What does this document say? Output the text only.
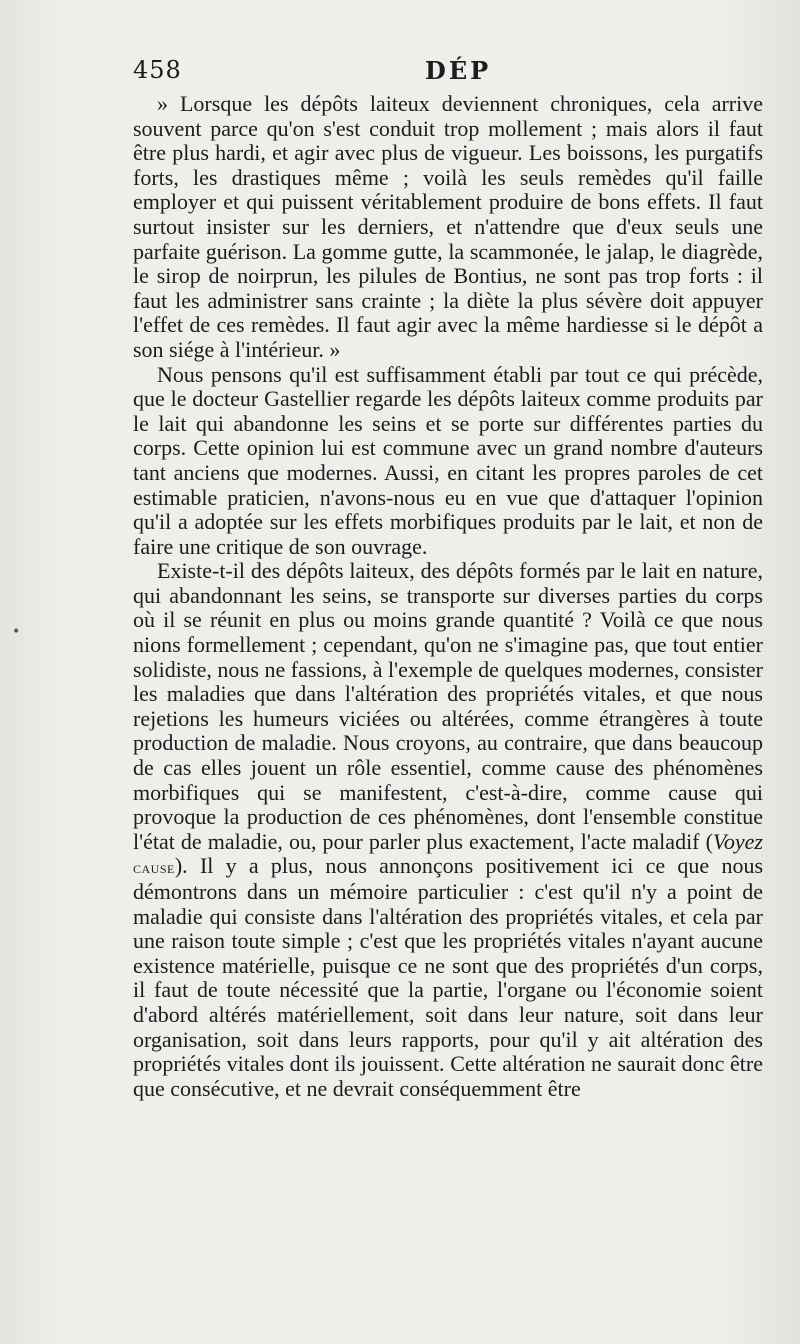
458	DÉP
•

» Lorsque les dépôts laiteux deviennent chroniques, cela arrive souvent parce qu'on s'est conduit trop mollement ; mais alors il faut être plus hardi, et agir avec plus de vigueur. Les boissons, les purgatifs forts, les drastiques même ; voilà les seuls remèdes qu'il faille employer et qui puissent véritablement produire de bons effets. Il faut surtout insister sur les derniers, et n'attendre que d'eux seuls une parfaite guérison. La gomme gutte, la scammonée, le jalap, le diagrède, le sirop de noirprun, les pilules de Bontius, ne sont pas trop forts : il faut les administrer sans crainte ; la diète la plus sévère doit appuyer l'effet de ces remèdes. Il faut agir avec la même hardiesse si le dépôt a son siége à l'intérieur. »

Nous pensons qu'il est suffisamment établi par tout ce qui précède, que le docteur Gastellier regarde les dépôts laiteux comme produits par le lait qui abandonne les seins et se porte sur différentes parties du corps. Cette opinion lui est commune avec un grand nombre d'auteurs tant anciens que modernes. Aussi, en citant les propres paroles de cet estimable praticien, n'avons-nous eu en vue que d'attaquer l'opinion qu'il a adoptée sur les effets morbifiques produits par le lait, et non de faire une critique de son ouvrage.

Existe-t-il des dépôts laiteux, des dépôts formés par le lait en nature, qui abandonnant les seins, se transporte sur diverses parties du corps où il se réunit en plus ou moins grande quantité ? Voilà ce que nous nions formellement ; cependant, qu'on ne s'imagine pas, que tout entier solidiste, nous ne fassions, à l'exemple de quelques modernes, consister les maladies que dans l'altération des propriétés vitales, et que nous rejetions les humeurs viciées ou altérées, comme étrangères à toute production de maladie. Nous croyons, au contraire, que dans beaucoup de cas elles jouent un rôle essentiel, comme cause des phénomènes morbifiques qui se manifestent, c'est-à-dire, comme cause qui provoque la production de ces phénomènes, dont l'ensemble constitue l'état de maladie, ou, pour parler plus exactement, l'acte maladif (Voyez cause). Il y a plus, nous annonçons positivement ici ce que nous démontrons dans un mémoire particulier : c'est qu'il n'y a point de maladie qui consiste dans l'altération des propriétés vitales, et cela par une raison toute simple ; c'est que les propriétés vitales n'ayant aucune existence matérielle, puisque ce ne sont que des propriétés d'un corps, il faut de toute nécessité que la partie, l'organe ou l'économie soient d'abord altérés matériellement, soit dans leur nature, soit dans leur organisation, soit dans leurs rapports, pour qu'il y ait altération des propriétés vitales dont ils jouissent. Cette altération ne saurait donc être que consécutive, et ne devrait conséquemment être
